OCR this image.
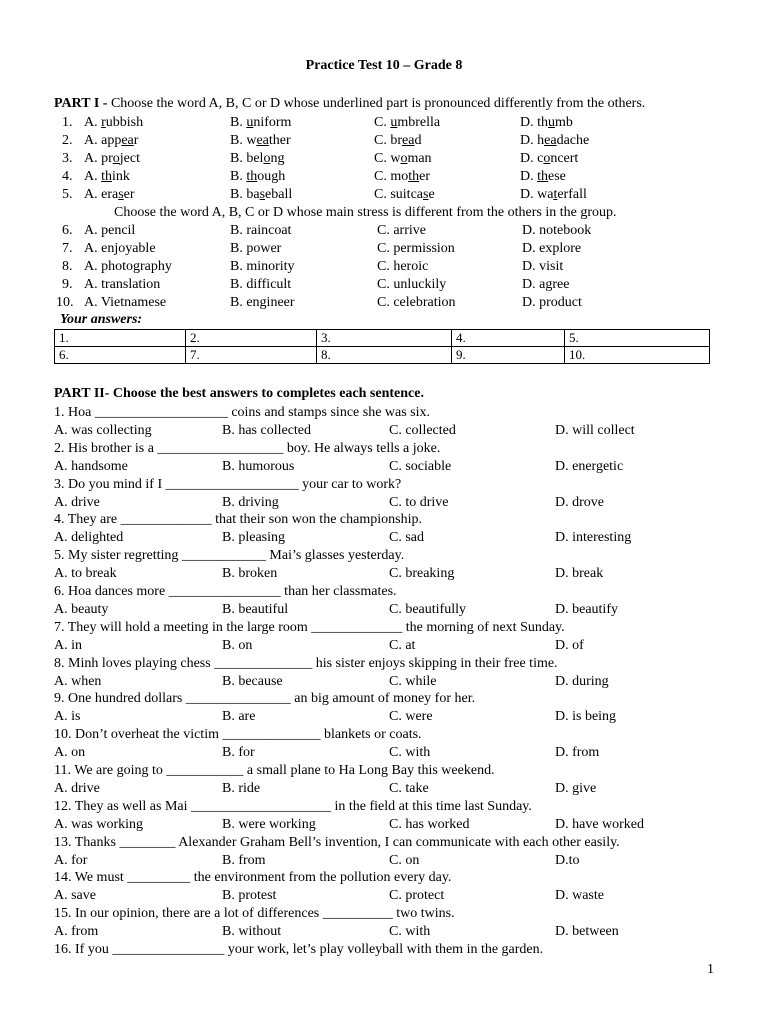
Practice Test 10 – Grade 8
PART I - Choose the word A, B, C or D whose underlined part is pronounced differently from the others.
1. A. rubbish	B. uniform	C. umbrella	D. thumb
2. A. appear	B. weather	C. bread	D. headache
3. A. project	B. belong	C. woman	D. concert
4. A. think	B. though	C. mother	D. these
5. A. eraser	B. baseball	C. suitcase	D. waterfall
Choose the word A, B, C or D whose main stress is different from the others in the group.
6. A. pencil	B. raincoat	C. arrive	D. notebook
7. A. enjoyable	B. power	C. permission	D. explore
8. A. photography	B. minority	C. heroic	D. visit
9. A. translation	B. difficult	C. unluckily	D. agree
10. A. Vietnamese	B. engineer	C. celebration	D. product
Your answers:
1.	2.	3.	4.	5.
6.	7.	8.	9.	10.
PART II- Choose the best answers to completes each sentence.
1. Hoa ___________________ coins and stamps since she was six.
A. was collecting	B. has collected	C. collected	D. will collect
2. His brother is a __________________ boy. He always tells a joke.
A. handsome	B. humorous	C. sociable	D. energetic
3. Do you mind if I ___________________ your car to work?
A. drive	B. driving	C. to drive	D. drove
4. They are _____________ that their son won the championship.
A. delighted	B. pleasing	C. sad	D. interesting
5. My sister regretting ____________ Mai’s glasses yesterday.
A. to break	B. broken	C. breaking	D. break
6. Hoa dances more ________________ than her classmates.
A. beauty	B. beautiful	C. beautifully	D. beautify
7. They will hold a meeting in the large room _____________ the morning of next Sunday.
A. in	B. on	C. at	D. of
8. Minh loves playing chess ______________ his sister enjoys skipping in their free time.
A. when	B. because	C. while	D. during
9. One hundred dollars _______________ an big amount of money for her.
A. is	B. are	C. were	D. is being
10. Don’t overheat the victim ______________ blankets or coats.
A. on	B. for	C. with	D. from
11. We are going to ___________ a small plane to Ha Long Bay this weekend.
A. drive	B. ride	C. take	D. give
12. They as well as Mai ____________________ in the field at this time last Sunday.
A. was working	B. were working	C. has worked	D. have worked
13. Thanks ________ Alexander Graham Bell’s invention, I can communicate with each other easily.
A. for	B. from	C. on	D.to
14. We must _________ the environment from the pollution every day.
A. save	B. protest	C. protect	D. waste
15. In our opinion, there are a lot of differences __________ two twins.
A. from	B. without	C. with	D. between
16. If you ________________ your work, let’s play volleyball with them in the garden.
1
